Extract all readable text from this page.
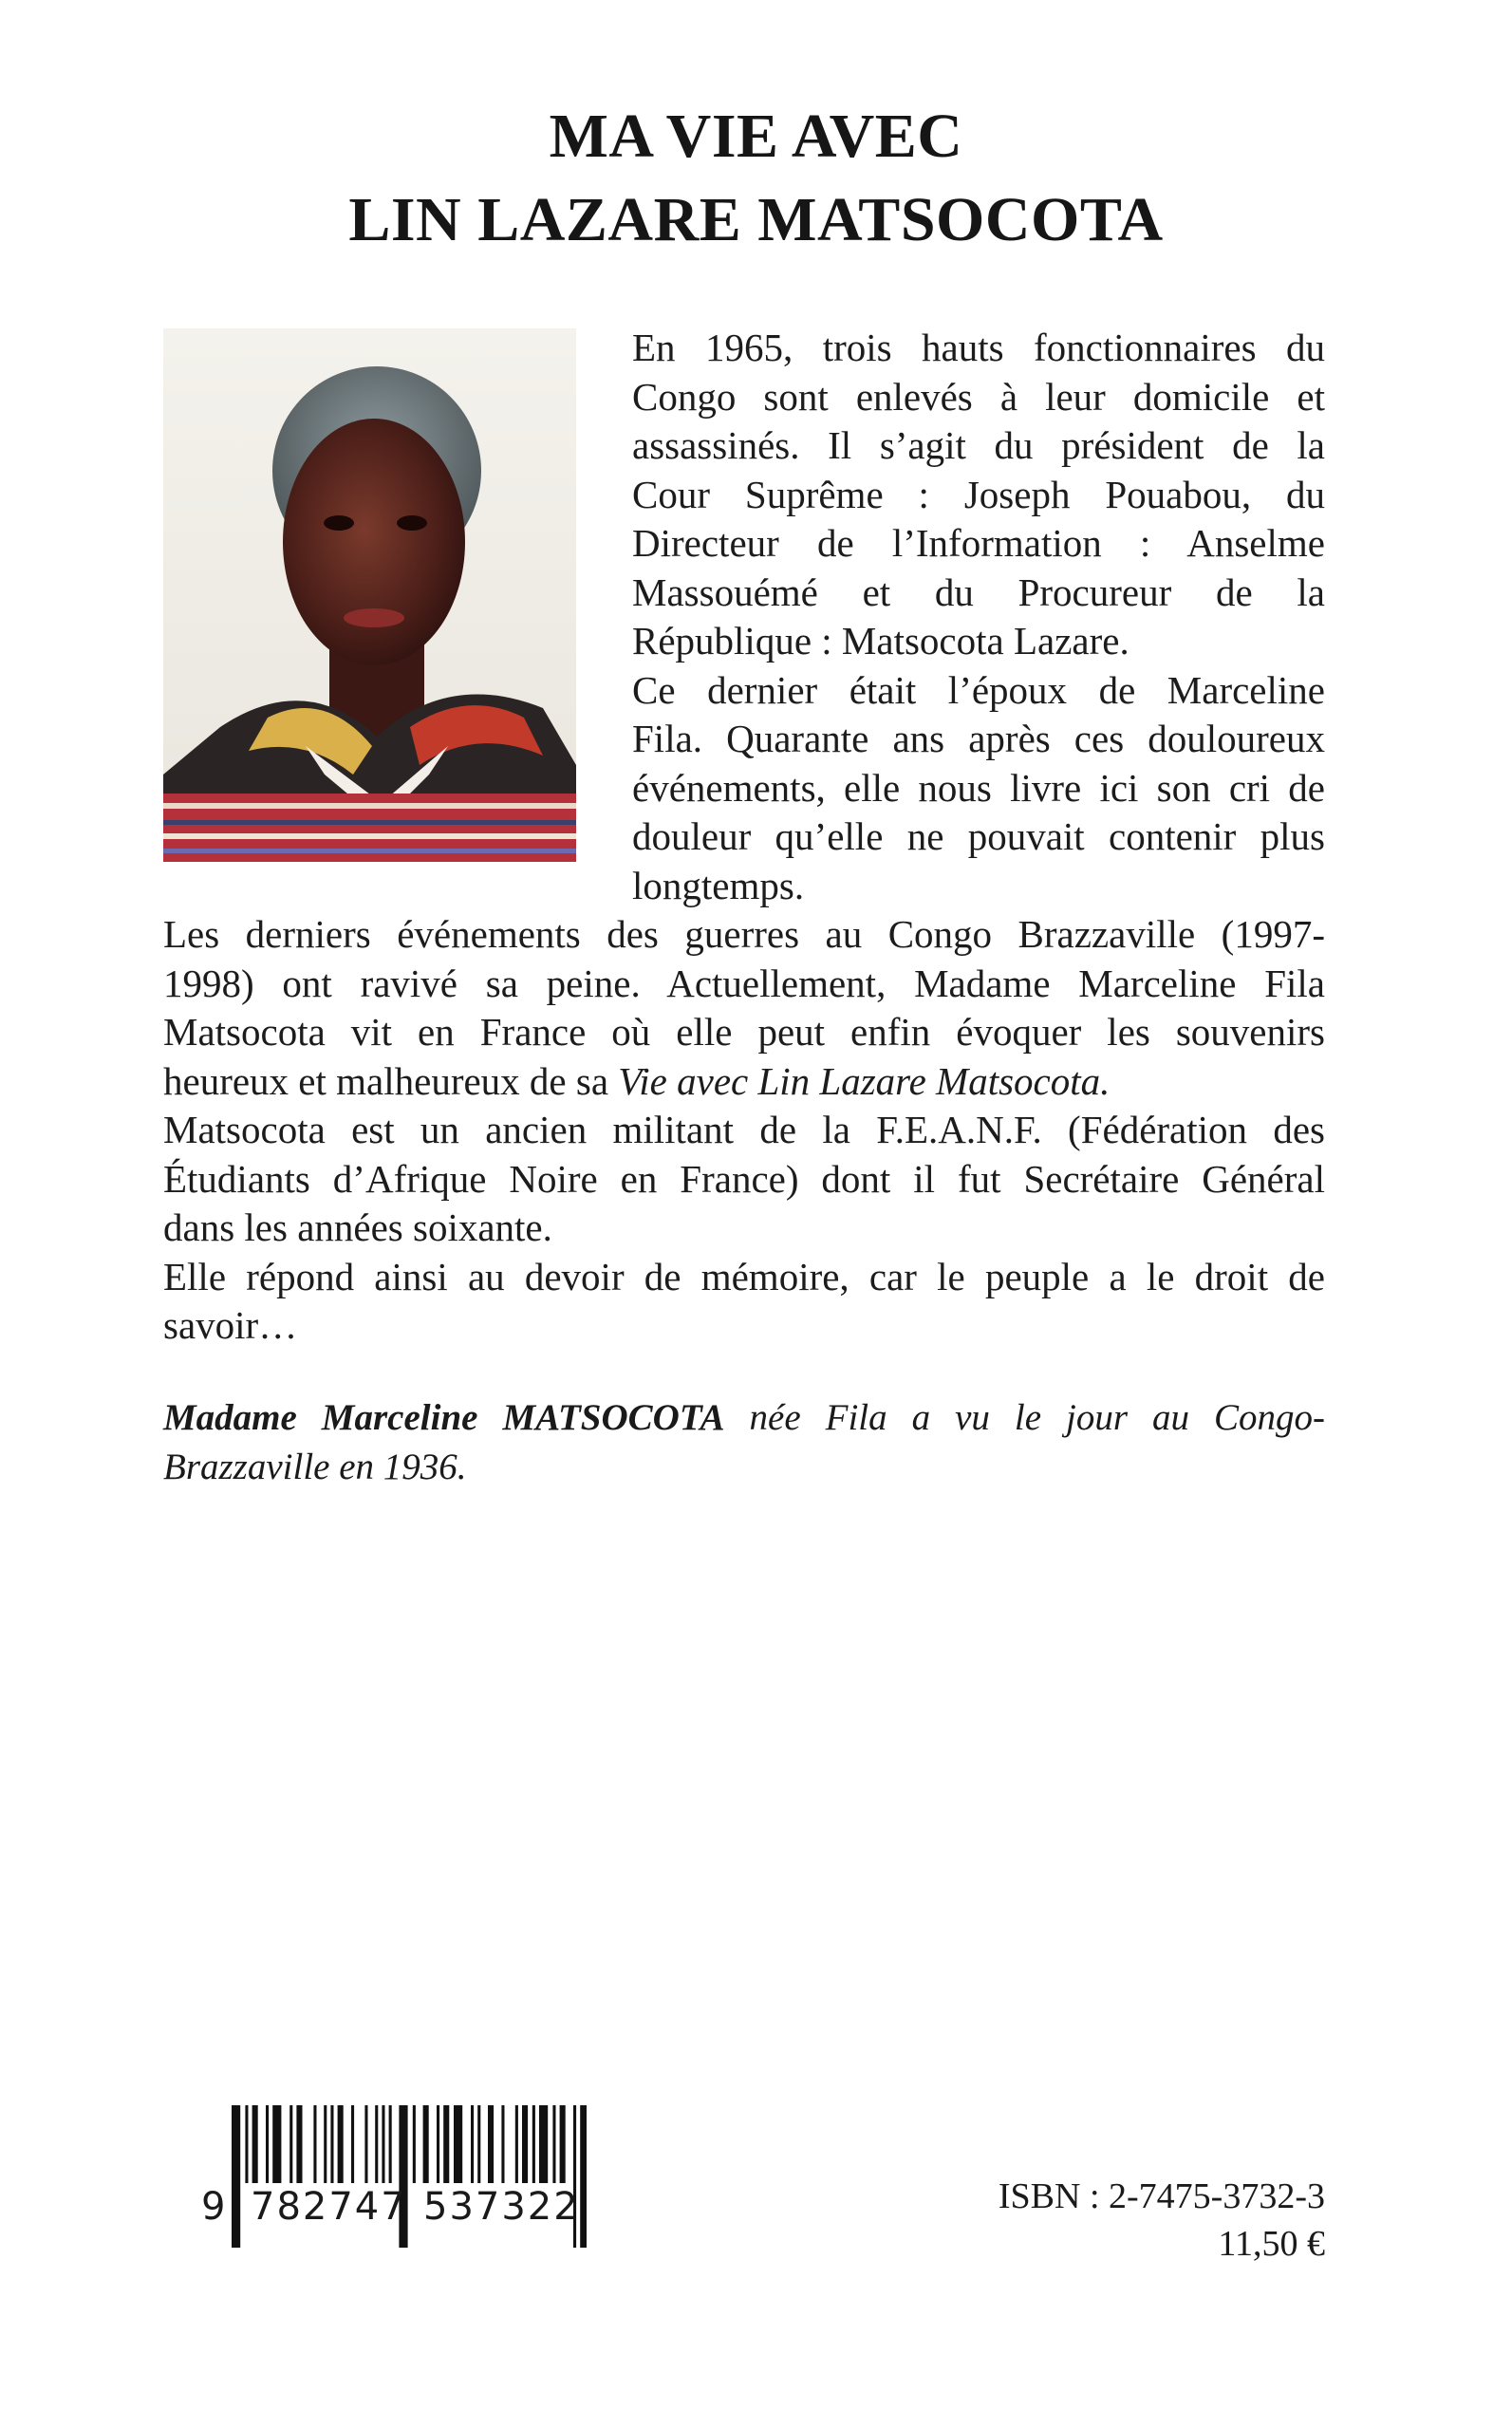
MA VIE AVEC
LIN LAZARE MATSOCOTA
En 1965, trois hauts fonctionnaires du
Congo sont enlevés à leur domicile et
assassinés. Il s’agit du président de la
Cour Suprême : Joseph Pouabou, du
Directeur de l’Information : Anselme
Massouémé et du Procureur de la
République : Matsocota Lazare.
Ce dernier était l’époux de Marceline
Fila. Quarante ans après ces douloureux
événements, elle nous livre ici son cri de
douleur qu’elle ne pouvait contenir plus
longtemps.
Les derniers événements des guerres au Congo Brazzaville (1997-
1998) ont ravivé sa peine. Actuellement, Madame Marceline Fila
Matsocota vit en France où elle peut enfin évoquer les souvenirs
heureux et malheureux de sa Vie avec Lin Lazare Matsocota.
Matsocota est un ancien militant de la F.E.A.N.F. (Fédération des
Étudiants d’Afrique Noire en France) dont il fut Secrétaire Général
dans les années soixante.
Elle répond ainsi au devoir de mémoire, car le peuple a le droit de
savoir…
Madame Marceline MATSOCOTA née Fila a vu le jour au Congo-
Brazzaville en 1936.
9 782747 537322	ISBN : 2-7475-3732-3
11,50 €
